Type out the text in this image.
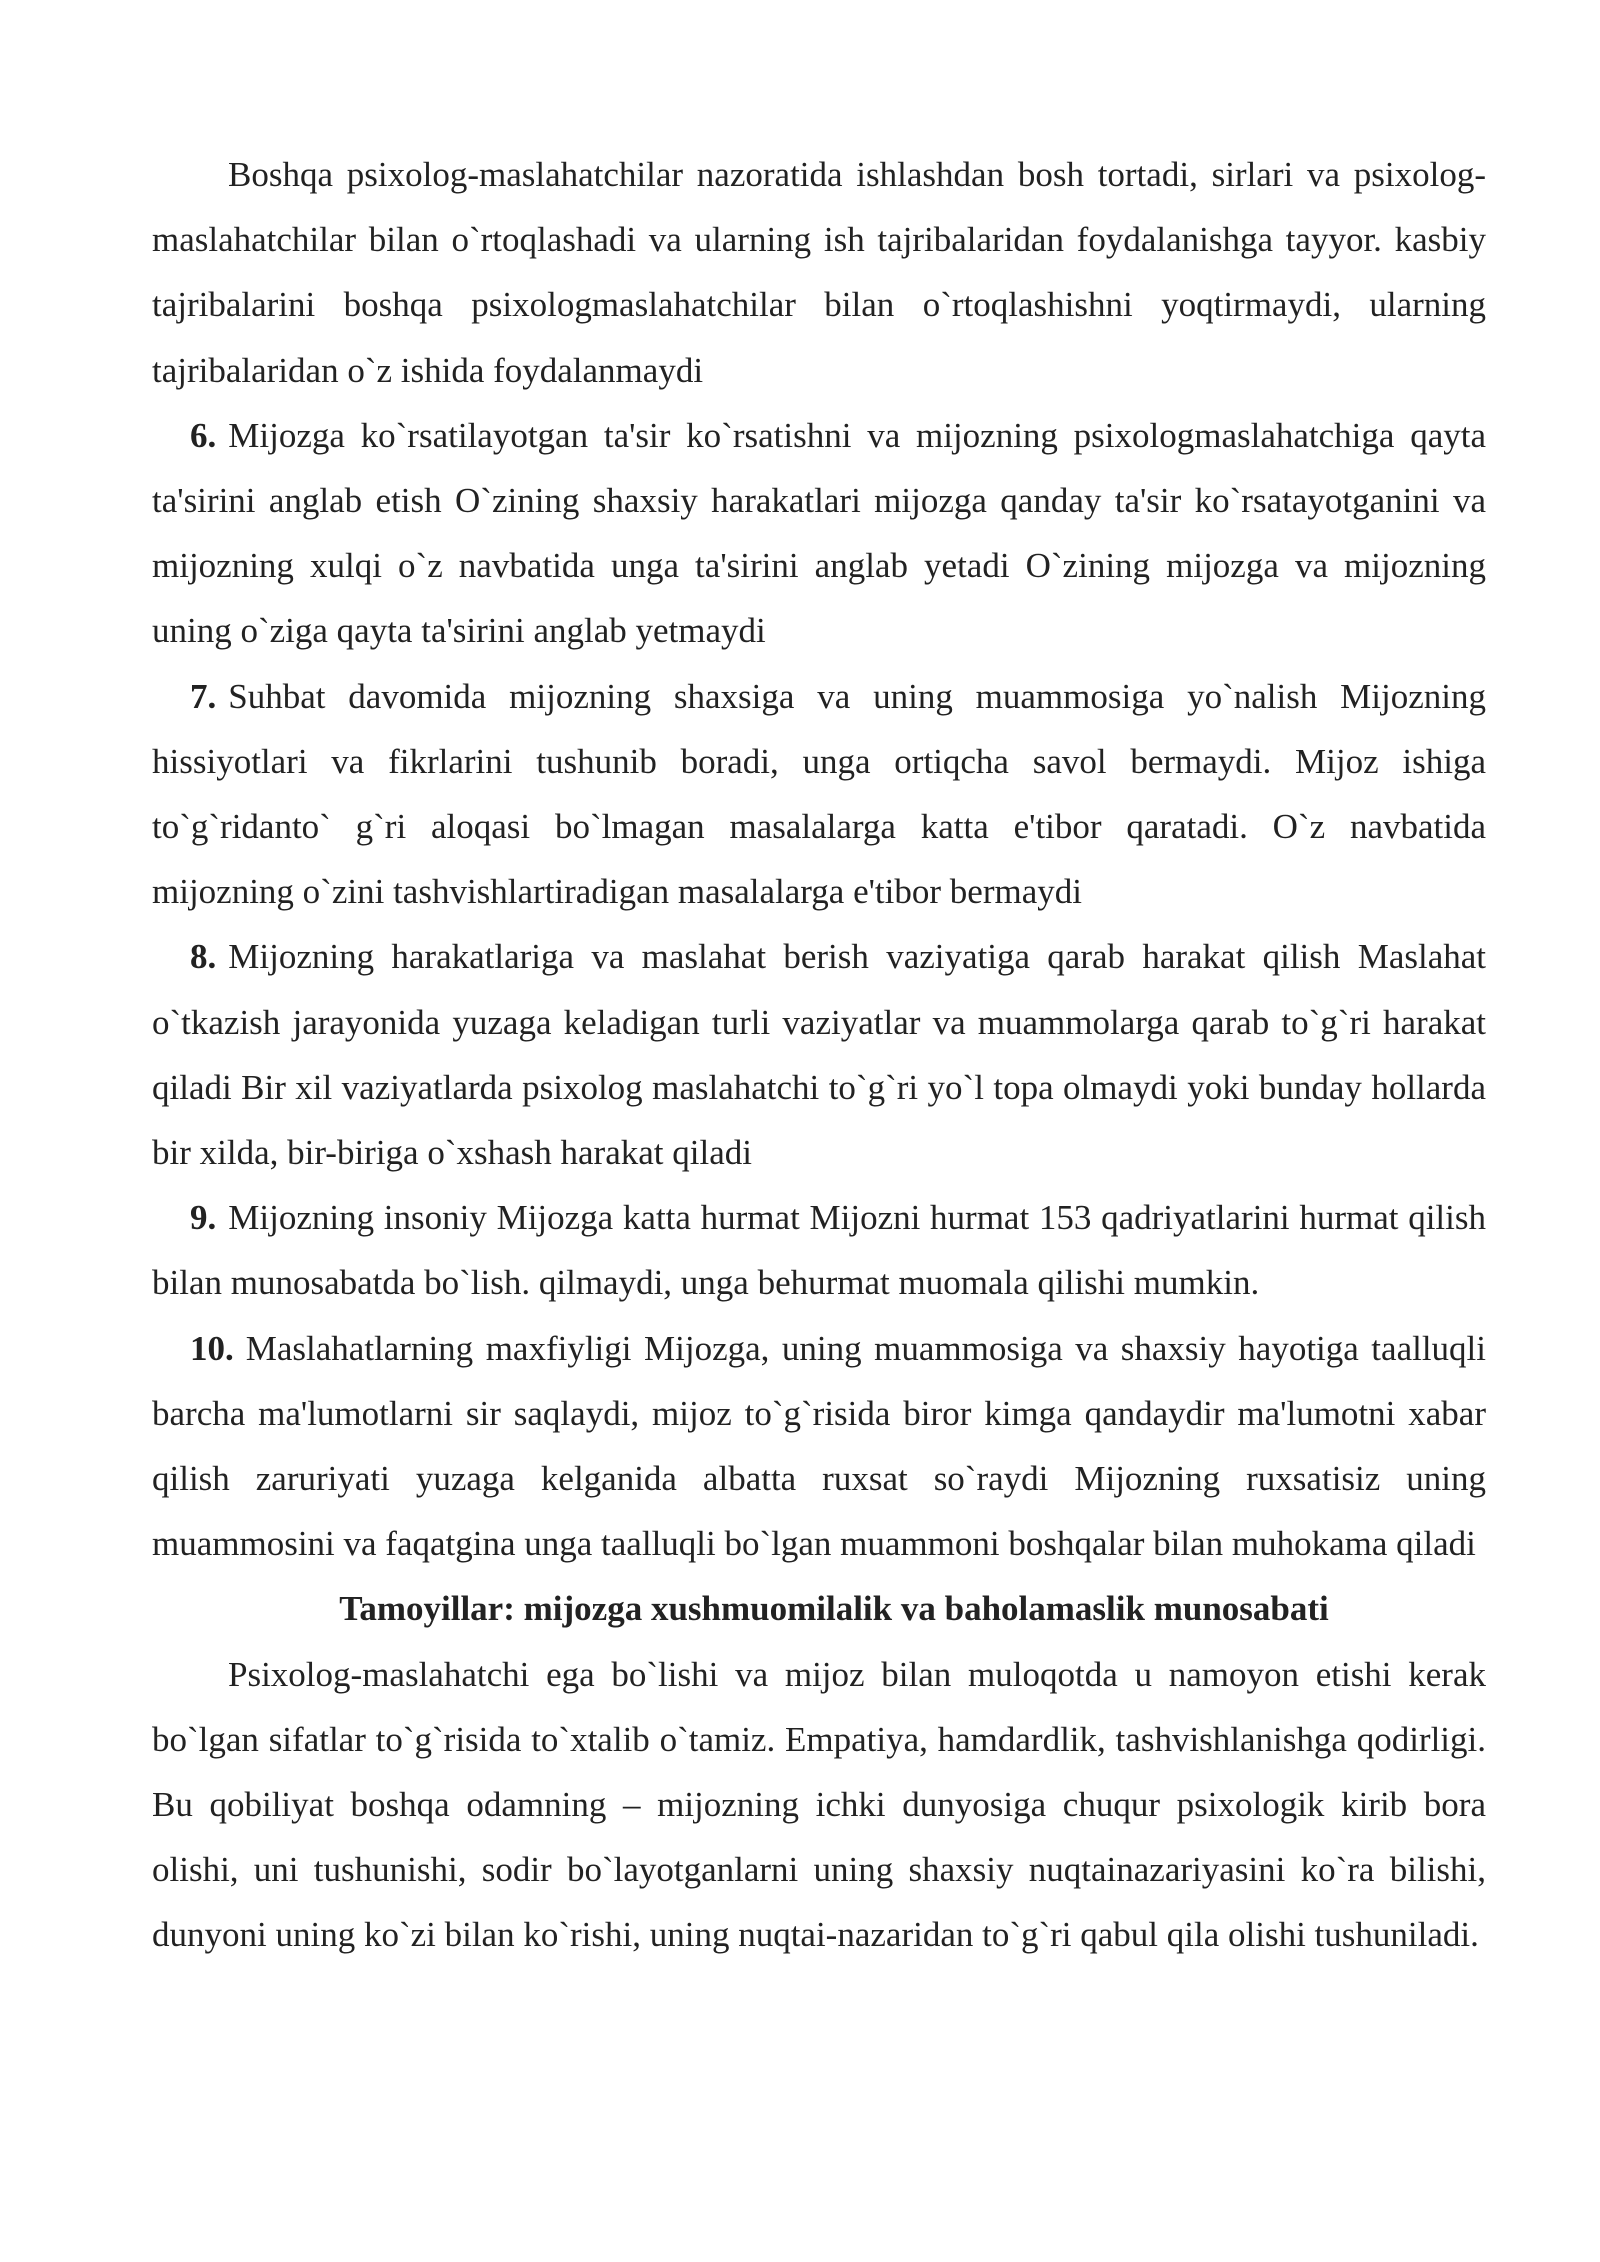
Boshqa psixolog-maslahatchilar nazoratida ishlashdan bosh tortadi, sirlari va psixolog-maslahatchilar bilan o`rtoqlashadi va ularning ish tajribalaridan foydalanishga tayyor. kasbiy tajribalarini boshqa psixologmaslahatchilar bilan o`rtoqlashishni yoqtirmaydi, ularning tajribalaridan o`z ishida foydalanmaydi

6. Mijozga ko`rsatilayotgan ta'sir ko`rsatishni va mijozning psixologmaslahatchiga qayta ta'sirini anglab etish O`zining shaxsiy harakatlari mijozga qanday ta'sir ko`rsatayotganini va mijozning xulqi o`z navbatida unga ta'sirini anglab yetadi O`zining mijozga va mijozning uning o`ziga qayta ta'sirini anglab yetmaydi

7. Suhbat davomida mijozning shaxsiga va uning muammosiga yo`nalish Mijozning hissiyotlari va fikrlarini tushunib boradi, unga ortiqcha savol bermaydi. Mijoz ishiga to`g`ridanto` g`ri aloqasi bo`lmagan masalalarga katta e'tibor qaratadi. O`z navbatida mijozning o`zini tashvishlartiradigan masalalarga e'tibor bermaydi

8. Mijozning harakatlariga va maslahat berish vaziyatiga qarab harakat qilish Maslahat o`tkazish jarayonida yuzaga keladigan turli vaziyatlar va muammolarga qarab to`g`ri harakat qiladi Bir xil vaziyatlarda psixolog maslahatchi to`g`ri yo`l topa olmaydi yoki bunday hollarda bir xilda, bir-biriga o`xshash harakat qiladi

9. Mijozning insoniy Mijozga katta hurmat Mijozni hurmat 153 qadriyatlarini hurmat qilish bilan munosabatda bo`lish. qilmaydi, unga behurmat muomala qilishi mumkin.

10. Maslahatlarning maxfiyligi Mijozga, uning muammosiga va shaxsiy hayotiga taalluqli barcha ma'lumotlarni sir saqlaydi, mijoz to`g`risida biror kimga qandaydir ma'lumotni xabar qilish zaruriyati yuzaga kelganida albatta ruxsat so`raydi Mijozning ruxsatisiz uning muammosini va faqatgina unga taalluqli bo`lgan muammoni boshqalar bilan muhokama qiladi

Tamoyillar: mijozga xushmuomilalik va baholamaslik munosabati

Psixolog-maslahatchi ega bo`lishi va mijoz bilan muloqotda u namoyon etishi kerak bo`lgan sifatlar to`g`risida to`xtalib o`tamiz. Empatiya, hamdardlik, tashvishlanishga qodirligi. Bu qobiliyat boshqa odamning – mijozning ichki dunyosiga chuqur psixologik kirib bora olishi, uni tushunishi, sodir bo`layotganlarni uning shaxsiy nuqtainazariyasini ko`ra bilishi, dunyoni uning ko`zi bilan ko`rishi, uning nuqtai-nazaridan to`g`ri qabul qila olishi tushuniladi.
